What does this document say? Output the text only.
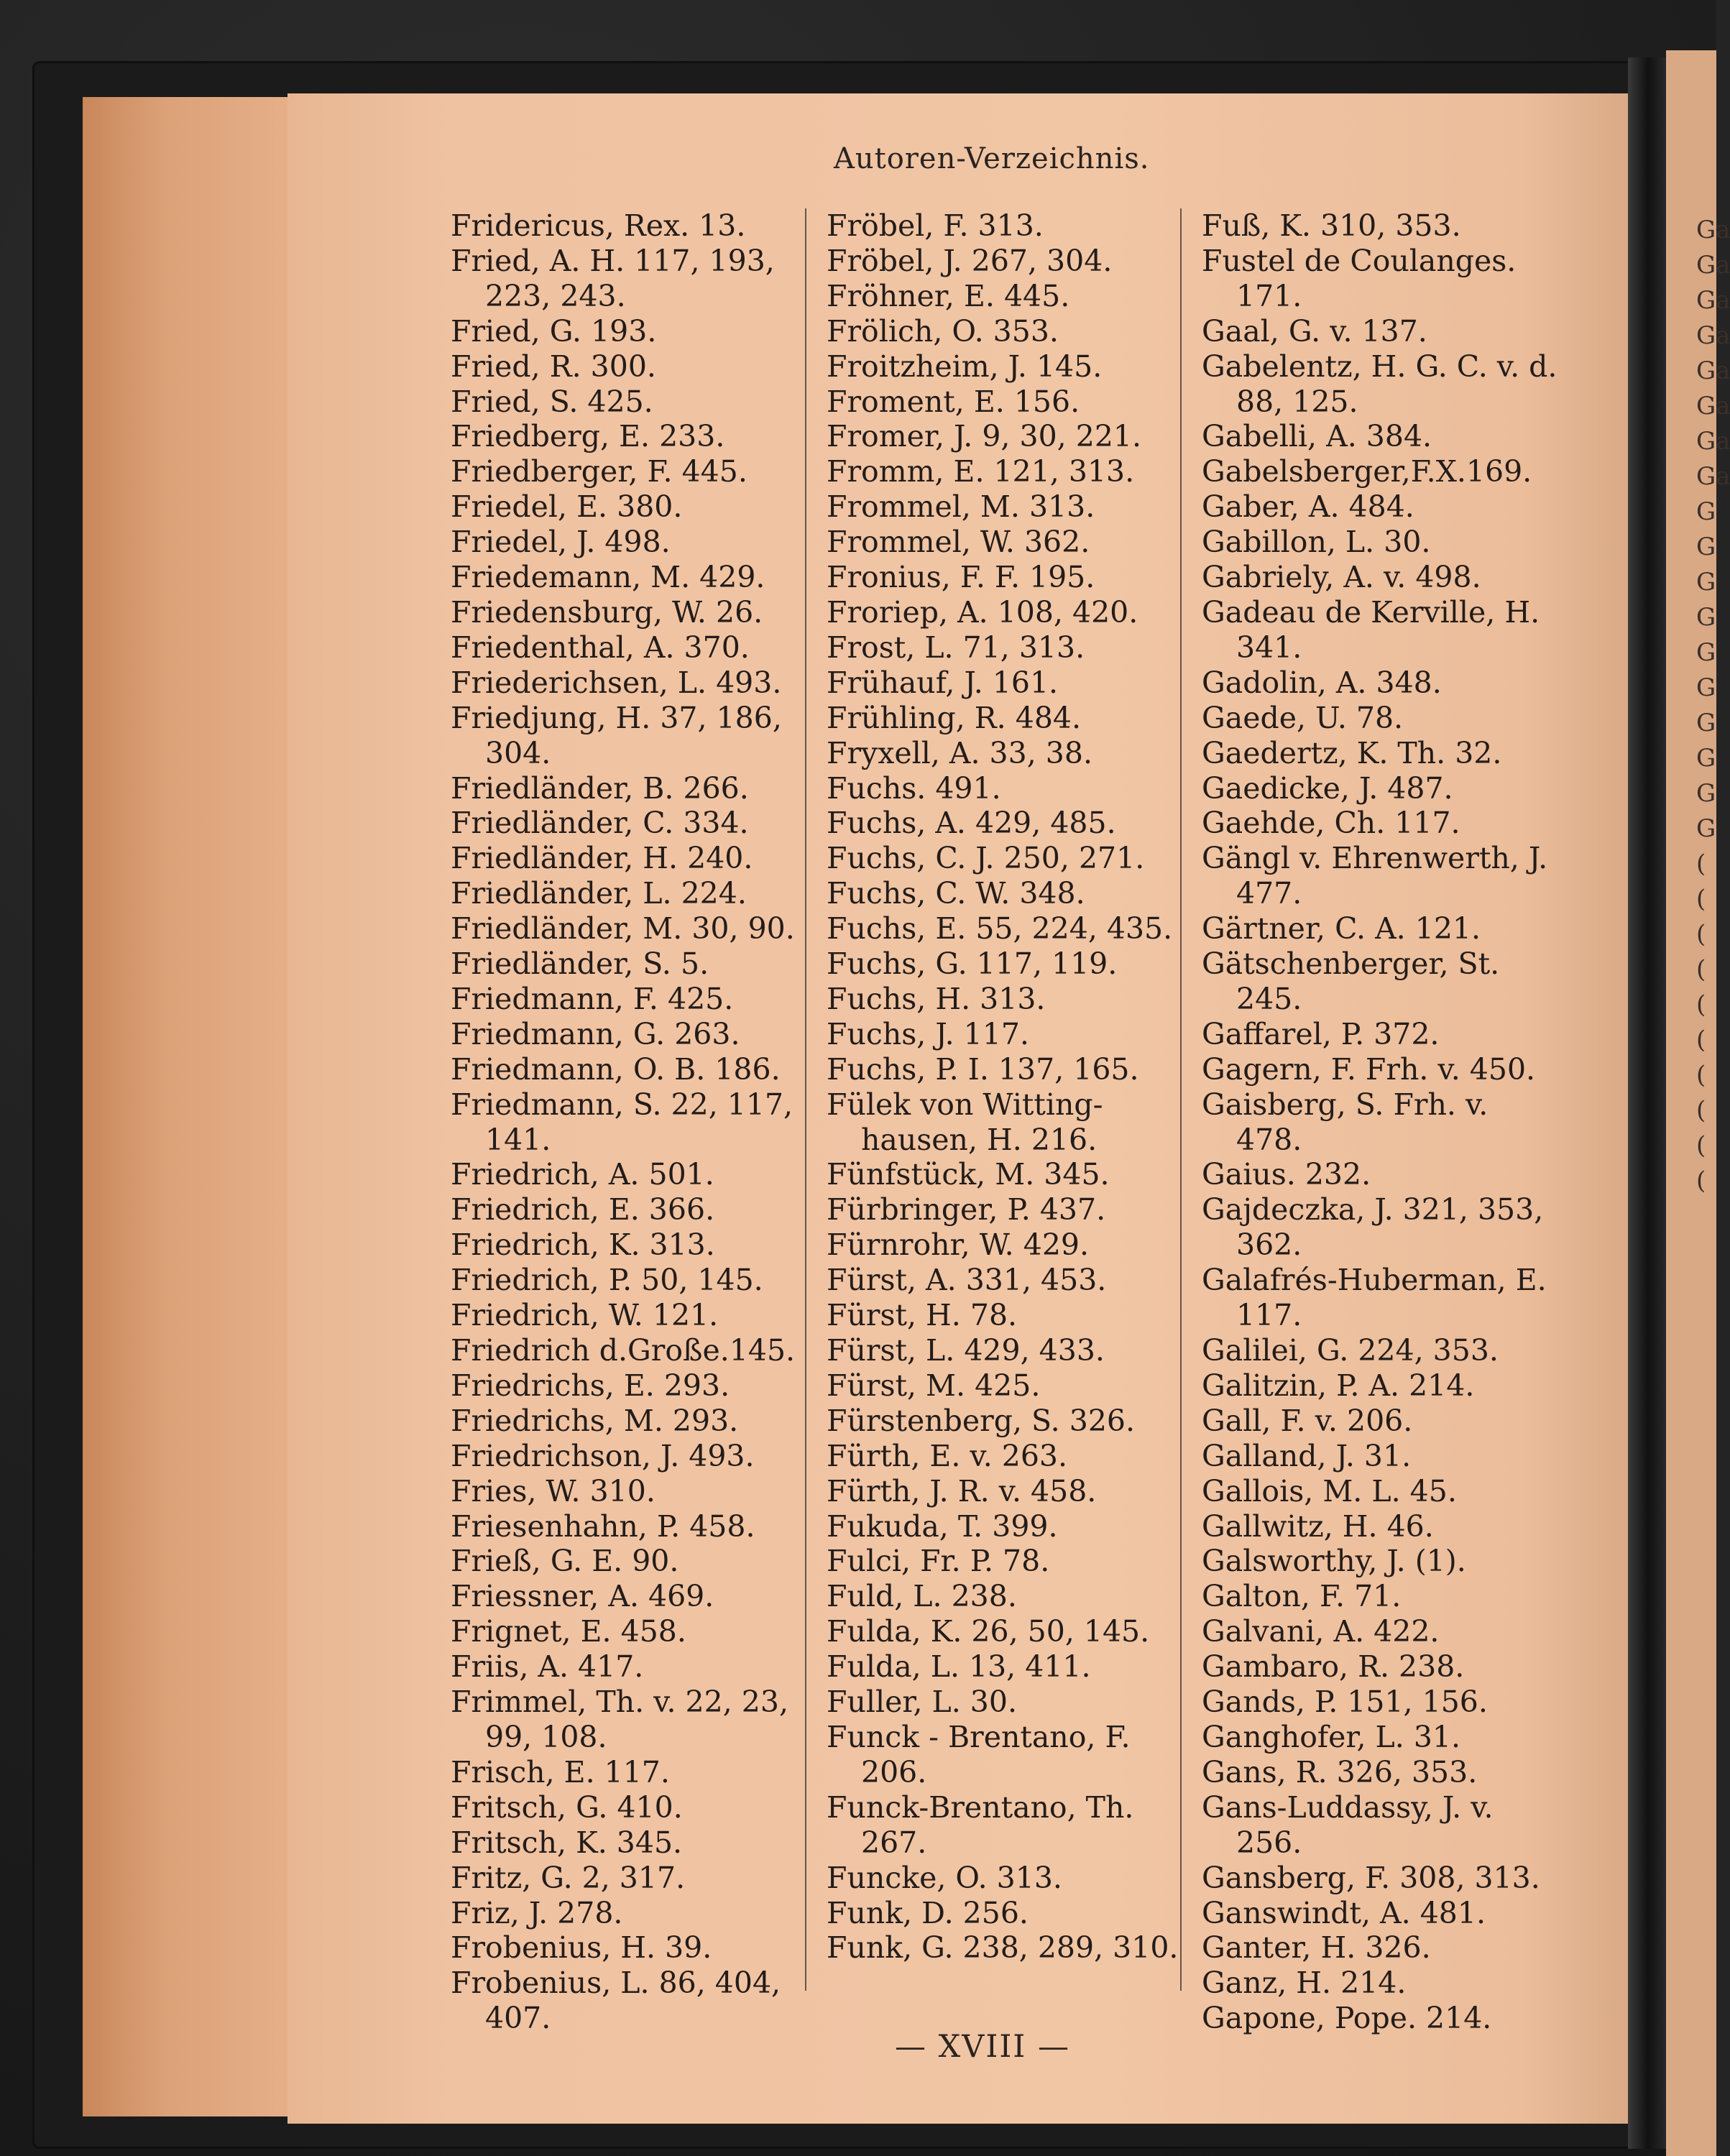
Autoren-Verzeichnis.
Fridericus, Rex. 13.
Fried, A. H. 117, 193, 223, 243.
Fried, G. 193.
Fried, R. 300.
Fried, S. 425.
Friedberg, E. 233.
Friedberger, F. 445.
Friedel, E. 380.
Friedel, J. 498.
Friedemann, M. 429.
Friedensburg, W. 26.
Friedenthal, A. 370.
Friederichsen, L. 493.
Friedjung, H. 37, 186, 304.
Friedländer, B. 266.
Friedländer, C. 334.
Friedländer, H. 240.
Friedländer, L. 224.
Friedländer, M. 30, 90.
Friedländer, S. 5.
Friedmann, F. 425.
Friedmann, G. 263.
Friedmann, O. B. 186.
Friedmann, S. 22, 117, 141.
Friedrich, A. 501.
Friedrich, E. 366.
Friedrich, K. 313.
Friedrich, P. 50, 145.
Friedrich, W. 121.
Friedrich d.Große.145.
Friedrichs, E. 293.
Friedrichs, M. 293.
Friedrichson, J. 493.
Fries, W. 310.
Friesenhahn, P. 458.
Frieß, G. E. 90.
Friessner, A. 469.
Frignet, E. 458.
Friis, A. 417.
Frimmel, Th. v. 22, 23, 99, 108.
Frisch, E. 117.
Fritsch, G. 410.
Fritsch, K. 345.
Fritz, G. 2, 317.
Friz, J. 278.
Frobenius, H. 39.
Frobenius, L. 86, 404, 407.
Fröbel, F. 313.
Fröbel, J. 267, 304.
Fröhner, E. 445.
Frölich, O. 353.
Froitzheim, J. 145.
Froment, E. 156.
Fromer, J. 9, 30, 221.
Fromm, E. 121, 313.
Frommel, M. 313.
Frommel, W. 362.
Fronius, F. F. 195.
Froriep, A. 108, 420.
Frost, L. 71, 313.
Frühauf, J. 161.
Frühling, R. 484.
Fryxell, A. 33, 38.
Fuchs. 491.
Fuchs, A. 429, 485.
Fuchs, C. J. 250, 271.
Fuchs, C. W. 348.
Fuchs, E. 55, 224, 435.
Fuchs, G. 117, 119.
Fuchs, H. 313.
Fuchs, J. 117.
Fuchs, P. I. 137, 165.
Fülek von Witting-hausen, H. 216.
Fünfstück, M. 345.
Fürbringer, P. 437.
Fürnrohr, W. 429.
Fürst, A. 331, 453.
Fürst, H. 78.
Fürst, L. 429, 433.
Fürst, M. 425.
Fürstenberg, S. 326.
Fürth, E. v. 263.
Fürth, J. R. v. 458.
Fukuda, T. 399.
Fulci, Fr. P. 78.
Fuld, L. 238.
Fulda, K. 26, 50, 145.
Fulda, L. 13, 411.
Fuller, L. 30.
Funck - Brentano, F. 206.
Funck-Brentano, Th. 267.
Funcke, O. 313.
Funk, D. 256.
Funk, G. 238, 289, 310.
Fuß, K. 310, 353.
Fustel de Coulanges. 171.
Gaal, G. v. 137.
Gabelentz, H. G. C. v. d. 88, 125.
Gabelli, A. 384.
Gabelsberger,F.X.169.
Gaber, A. 484.
Gabillon, L. 30.
Gabriely, A. v. 498.
Gadeau de Kerville, H. 341.
Gadolin, A. 348.
Gaede, U. 78.
Gaedertz, K. Th. 32.
Gaedicke, J. 487.
Gaehde, Ch. 117.
Gängl v. Ehrenwerth, J. 477.
Gärtner, C. A. 121.
Gätschenberger, St. 245.
Gaffarel, P. 372.
Gagern, F. Frh. v. 450.
Gaisberg, S. Frh. v. 478.
Gaius. 232.
Gajdeczka, J. 321, 353, 362.
Galafrés-Huberman, E. 117.
Galilei, G. 224, 353.
Galitzin, P. A. 214.
Gall, F. v. 206.
Galland, J. 31.
Gallois, M. L. 45.
Gallwitz, H. 46.
Galsworthy, J. (1).
Galton, F. 71.
Galvani, A. 422.
Gambaro, R. 238.
Gands, P. 151, 156.
Ganghofer, L. 31.
Gans, R. 326, 353.
Gans-Luddassy, J. v. 256.
Gansberg, F. 308, 313.
Ganswindt, A. 481.
Ganter, H. 326.
Ganz, H. 214.
Gapone, Pope. 214.
Ga
Ga
Ga
Ga
Ga
Ga
Ga
Ga
G
G
G
G
G
G
G
G
G
G
(
(
(
(
(
(
(
(
(
(
— XVIII —
